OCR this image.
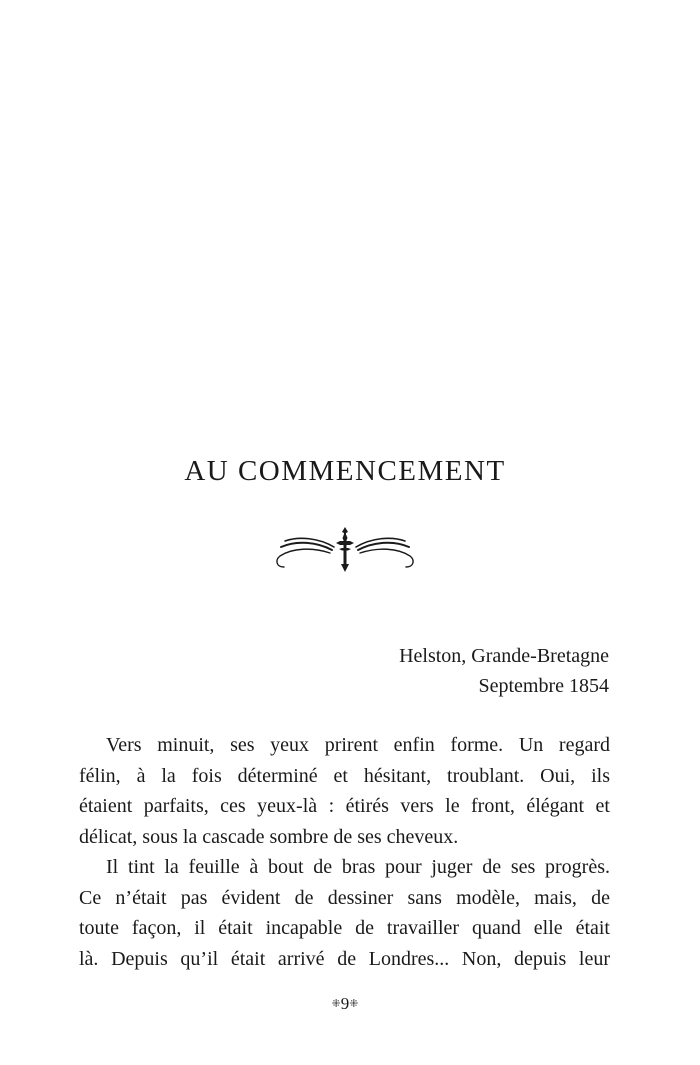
AU COMMENCEMENT
Helston, Grande-Bretagne
Septembre 1854
Vers minuit, ses yeux prirent enfin forme. Un regard
félin, à la fois déterminé et hésitant, troublant. Oui, ils
étaient parfaits, ces yeux-là : étirés vers le front, élégant et
délicat, sous la cascade sombre de ses cheveux.
Il tint la feuille à bout de bras pour juger de ses progrès.
Ce n’était pas évident de dessiner sans modèle, mais, de
toute façon, il était incapable de travailler quand elle était
là. Depuis qu’il était arrivé de Londres... Non, depuis leur
⁜9⁜
